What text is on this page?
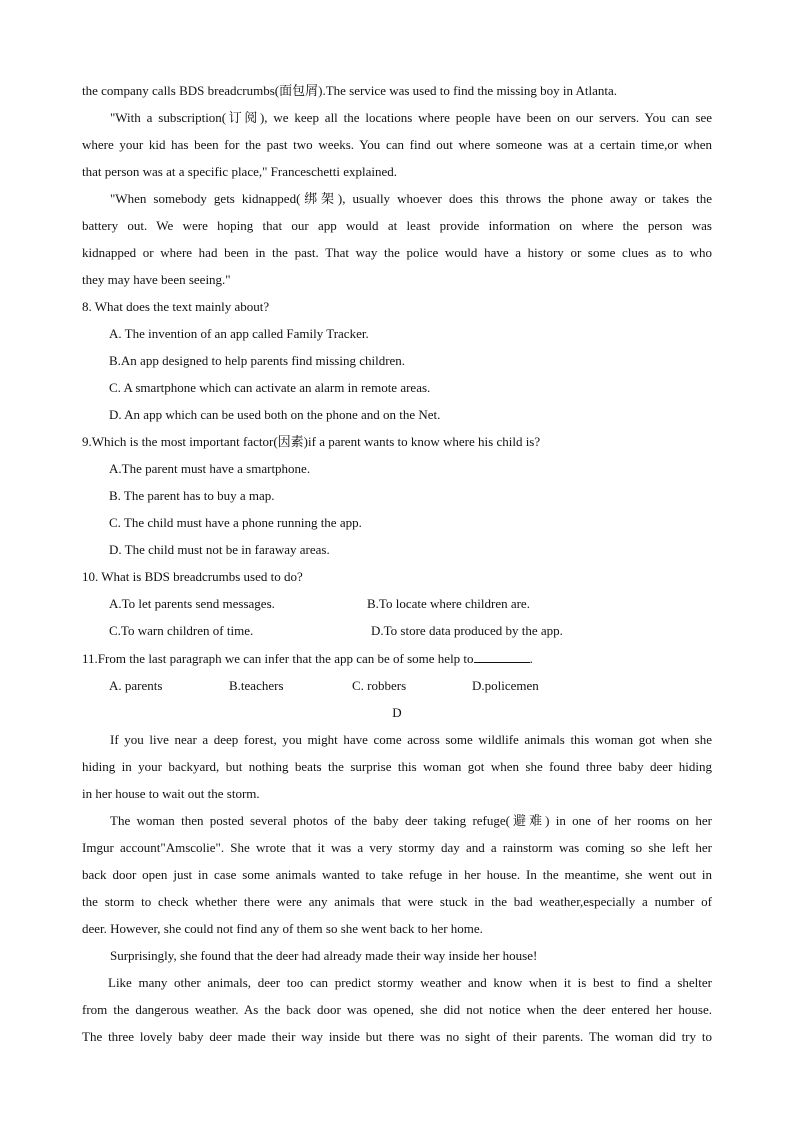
the company calls BDS breadcrumbs(面包屑).The service was used to find the missing boy in Atlanta.
"With a subscription(订阅), we keep all the locations where people have been on our servers. You can see
where your kid has been for the past two weeks. You can find out where someone was at a certain time,or when
that person was at a specific place," Franceschetti explained.
"When somebody gets kidnapped(绑架), usually whoever does this throws the phone away or takes the
battery out. We were hoping that our app would at least provide information on where the person was
kidnapped or where had been in the past. That way the police would have a history or some clues as to who
they may have been seeing."
8. What does the text mainly about?
A. The invention of an app called Family Tracker.
B.An app designed to help parents find missing children.
C. A smartphone which can activate an alarm in remote areas.
D. An app which can be used both on the phone and on the Net.
9.Which is the most important factor(因素)if a parent wants to know where his child is?
A.The parent must have a smartphone.
B. The parent has to buy a map.
C. The child must have a phone running the app.
D. The child must not be in faraway areas.
10. What is BDS breadcrumbs used to do?
A.To let parents send messages.	B.To locate where children are.
C.To warn children of time.	D.To store data produced by the app.
11.From the last paragraph we can infer that the app can be of some help to	.
A. parents	B.teachers	C. robbers	D.policemen
D
If you live near a deep forest, you might have come across some wildlife animals this woman got when she
hiding in your backyard, but nothing beats the surprise this woman got when she found three baby deer hiding
in her house to wait out the storm.
The woman then posted several photos of the baby deer taking refuge(避难) in one of her rooms on her
Imgur account"Amscolie". She wrote that it was a very stormy day and a rainstorm was coming so she left her
back door open just in case some animals wanted to take refuge in her house. In the meantime, she went out in
the storm to check whether there were any animals that were stuck in the bad weather,especially a number of
deer. However, she could not find any of them so she went back to her home.
Surprisingly, she found that the deer had already made their way inside her house!
Like many other animals, deer too can predict stormy weather and know when it is best to find a shelter
from the dangerous weather. As the back door was opened, she did not notice when the deer entered her house.
The three lovely baby deer made their way inside but there was no sight of their parents. The woman did try to
